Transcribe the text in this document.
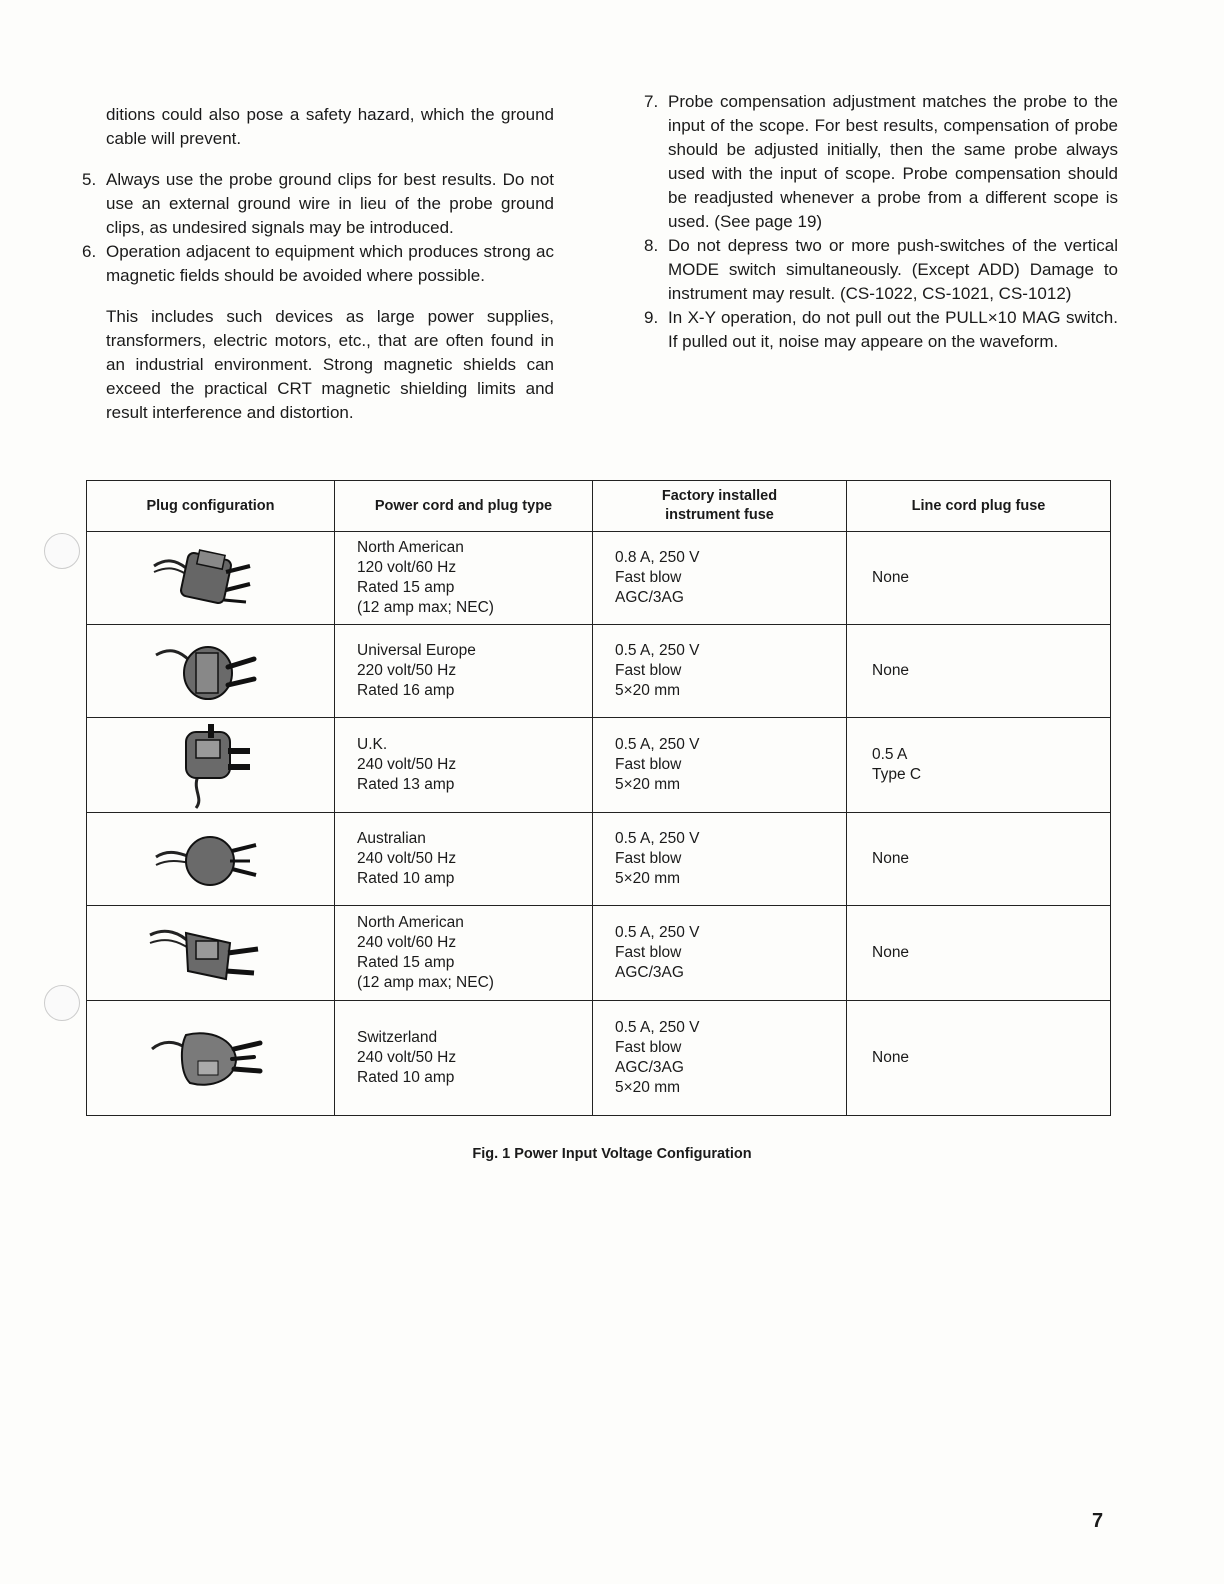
ditions could also pose a safety hazard, which the ground cable will prevent.

5. Always use the probe ground clips for best results. Do not use an external ground wire in lieu of the probe ground clips, as undesired signals may be introduced.
6. Operation adjacent to equipment which produces strong ac magnetic fields should be avoided where possible.

This includes such devices as large power supplies, transformers, electric motors, etc., that are often found in an industrial environment. Strong magnetic shields can exceed the practical CRT magnetic shielding limits and result interference and distortion.

7. Probe compensation adjustment matches the probe to the input of the scope. For best results, compensation of probe should be adjusted initially, then the same probe always used with the input of scope. Probe compensation should be readjusted whenever a probe from a different scope is used. (See page 19)
8. Do not depress two or more push-switches of the vertical MODE switch simultaneously. (Except ADD) Damage to instrument may result. (CS-1022, CS-1021, CS-1012)
9. In X-Y operation, do not pull out the PULL×10 MAG switch. If pulled out it, noise may appeare on the waveform.
Plug configuration	Power cord and plug type	Factory installed instrument fuse	Line cord plug fuse

North American
120 volt/60 Hz
Rated 15 amp
(12 amp max; NEC)	0.8 A, 250 V
Fast blow
AGC/3AG	None

Universal Europe
220 volt/50 Hz
Rated 16 amp	0.5 A, 250 V
Fast blow
5×20 mm	None

U.K.
240 volt/50 Hz
Rated 13 amp	0.5 A, 250 V
Fast blow
5×20 mm	0.5 A
Type C

Australian
240 volt/50 Hz
Rated 10 amp	0.5 A, 250 V
Fast blow
5×20 mm	None

North American
240 volt/60 Hz
Rated 15 amp
(12 amp max; NEC)	0.5 A, 250 V
Fast blow
AGC/3AG	None

Switzerland
240 volt/50 Hz
Rated 10 amp	0.5 A, 250 V
Fast blow
AGC/3AG
5×20 mm	None
Fig. 1 Power Input Voltage Configuration
7
